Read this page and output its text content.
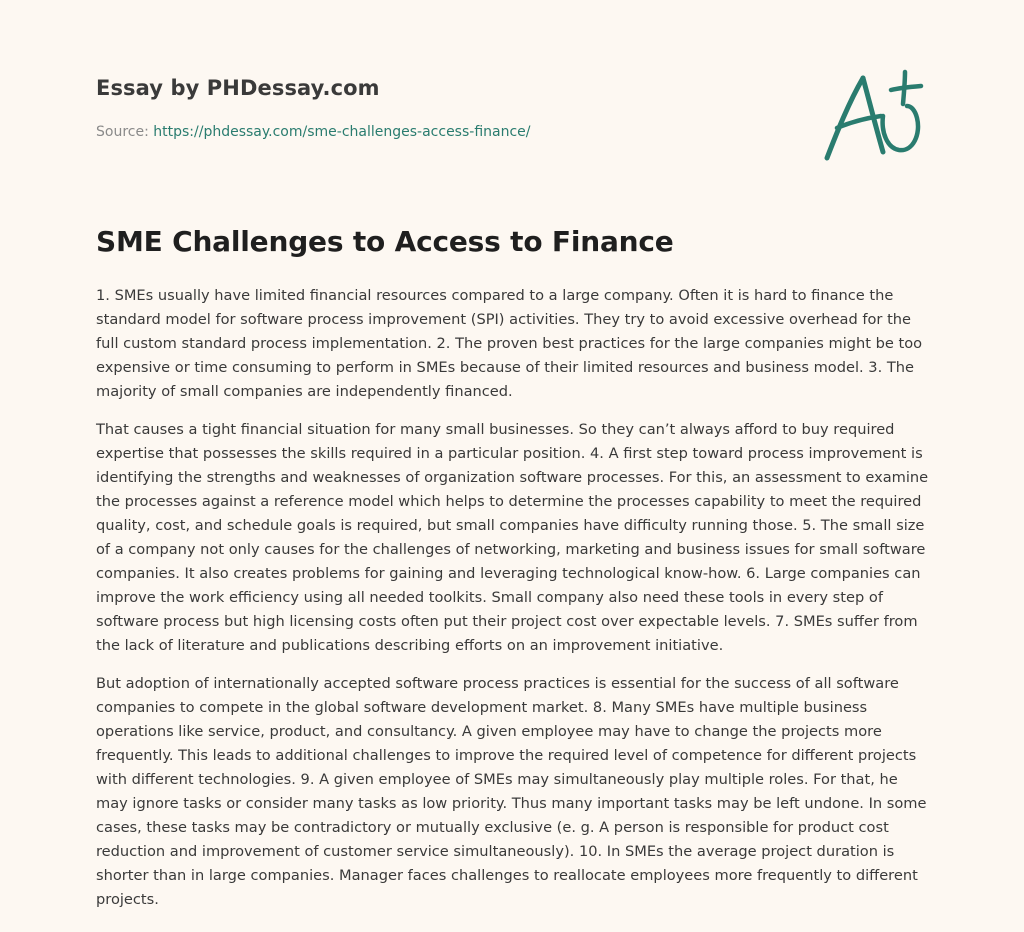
Essay by PHDessay.com
Source: https://phdessay.com/sme-challenges-access-finance/
SME Challenges to Access to Finance

1. SMEs usually have limited financial resources compared to a large company. Often it is hard to finance the standard model for software process improvement (SPI) activities. They try to avoid excessive overhead for the full custom standard process implementation. 2. The proven best practices for the large companies might be too expensive or time consuming to perform in SMEs because of their limited resources and business model. 3. The majority of small companies are independently financed.

That causes a tight financial situation for many small businesses. So they can’t always afford to buy required expertise that possesses the skills required in a particular position. 4. A first step toward process improvement is identifying the strengths and weaknesses of organization software processes. For this, an assessment to examine the processes against a reference model which helps to determine the processes capability to meet the required quality, cost, and schedule goals is required, but small companies have difficulty running those. 5. The small size of a company not only causes for the challenges of networking, marketing and business issues for small software companies. It also creates problems for gaining and leveraging technological know-how. 6. Large companies can improve the work efficiency using all needed toolkits. Small company also need these tools in every step of software process but high licensing costs often put their project cost over expectable levels. 7. SMEs suffer from the lack of literature and publications describing efforts on an improvement initiative.

But adoption of internationally accepted software process practices is essential for the success of all software companies to compete in the global software development market. 8. Many SMEs have multiple business operations like service, product, and consultancy. A given employee may have to change the projects more frequently. This leads to additional challenges to improve the required level of competence for different projects with different technologies. 9. A given employee of SMEs may simultaneously play multiple roles. For that, he may ignore tasks or consider many tasks as low priority. Thus many important tasks may be left undone. In some cases, these tasks may be contradictory or mutually exclusive (e. g. A person is responsible for product cost reduction and improvement of customer service simultaneously). 10. In SMEs the average project duration is shorter than in large companies. Manager faces challenges to reallocate employees more frequently to different projects.
